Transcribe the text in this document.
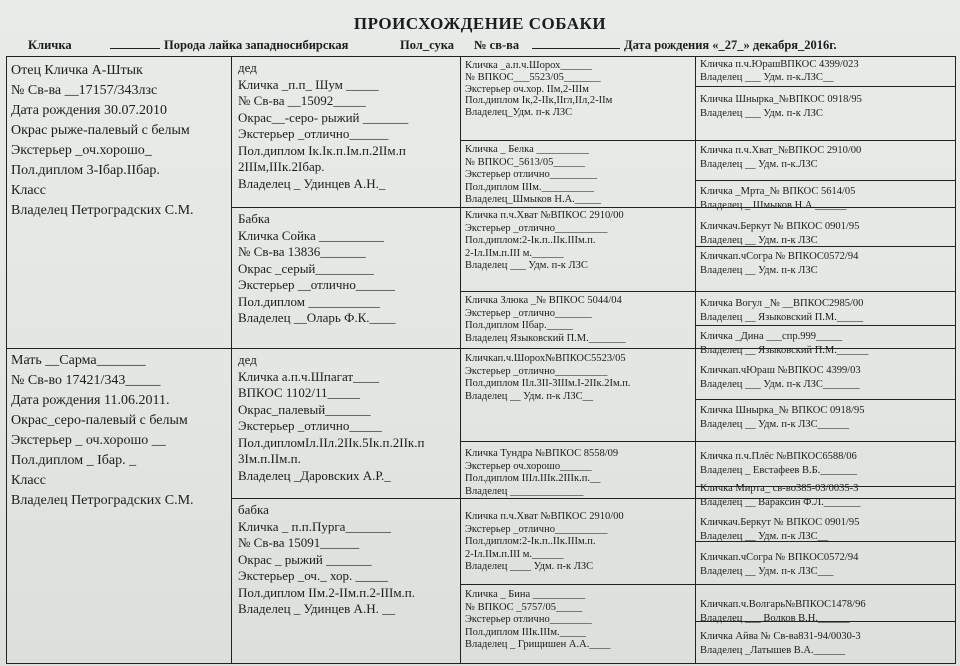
ПРОИСХОЖДЕНИЕ СОБАКИ
Кличка	Порода лайка западносибирская	Пол_сука № св-ва	Дата рождения «_27_» декабря_2016г.
Отец Кличка А-Штык
№ Св-ва __17157/343лзс
Дата рождения 30.07.2010
Окрас рыже-палевый с белым
Экстерьер _оч.хорошо_
Пол.диплом 3-Iбар.IIбар.
Класс
Владелец Петроградских С.М.
Мать __Сарма_______
№ Св-во 17421/343_____
Дата рождения 11.06.2011.
Окрас_серо-палевый с белым
Экстерьер _ оч.хорошо __
Пол.диплом _ Iбар. _
Класс
Владелец Петроградских С.М.
дед
Кличка _п.п_ Шум _____
№ Св-ва __15092_____
Окрас__-серо- рыжий _______
Экстерьер _отлично______
Пол.диплом Iк.Iк.п.Iм.п.2IIм.п
2IIIм,IIIк.2Iбар.
Владелец _ Удинцев А.Н._
Бабка
Кличка Сойка __________
№ Св-ва 13836_______
Окрас _серый_________
Экстерьер __отлично______
Пол.диплом ___________
Владелец __Оларь Ф.К.____
дед
Кличка а.п.ч.Шпагат____
ВПКОС 1102/11_____
Окрас_палевый_______
Экстерьер _отлично_____
Пол.дипломIл.IIл.2IIк.5Iк.п.2IIк.п
3Iм.п.IIм.п.
Владелец _Даровских А.Р._
бабка
Кличка _ п.п.Пурга_______
№ Св-ва 15091______
Окрас _ рыжий _______
Экстерьер _оч._ хор. _____
Пол.диплом IIм.2-IIм.п.2-IIIм.п.
Владелец _ Удинцев А.Н. __
Кличка _а.п.ч.Шорох______
№ ВПКОС___5523/05_______
Экстерьер оч.хор. IIм,2-IIIм
Пол.диплом Iк,2-IIк,IIгл,IIл,2-IIм
Владелец_Удм. п-к ЛЗС
Кличка _ Белка __________
№ ВПКОС_5613/05______
Экстерьер отлично_________
Пол.диплом IIIм.__________
Владелец_Шмыков Н.А._____
Кличка п.ч.Хват №ВПКОС 2910/00
Экстерьер _отлично__________
Пол.диплом:2-Iк.п..IIк.IIIм.п.
2-Iл.IIм.п.III м.______
Владелец ___ Удм. п-к ЛЗС
Кличка Злюка _№ ВПКОС 5044/04
Экстерьер _отлично_______
Пол.диплом IIбар._____
Владелец Языковский П.М._______
Кличкап.ч.Шорох№ВПКОС5523/05
Экстерьер _отлично__________
Пол.диплом IIл.3II-3IIIм.I-2IIк.2Iм.п.
Владелец __ Удм. п-к ЛЗС__
Кличка Тундра №ВПКОС 8558/09
Экстерьер оч.хорошо______
Пол.диплом IIIл.IIIк.2IIIк.п.__
Владелец ______________
Кличка п.ч.Хват №ВПКОС 2910/00
Экстерьер _отлично__________
Пол.диплом:2-Iк.п..IIк.IIIм.п.
2-Iл.IIм.п.III м.______
Владелец ____ Удм. п-к ЛЗС
Кличка _ Бина __________
№ ВПКОС _5757/05_____
Экстерьер отлично________
Пол.диплом IIIк.IIIм._____
Владелец _ Грищишен А.А.____
Кличка п.ч.ЮрашВПКОС 4399/023
Владелец ___ Удм. п-к.ЛЗС__
Кличка Шнырка_№ВПКОС 0918/95
Владелец ___ Удм. п-к ЛЗС
Кличка п.ч.Хват_№ВПКОС 2910/00
Владелец __ Удм. п-к.ЛЗС
Кличка _Мрта_№ ВПКОС 5614/05
Владелец _ Шмыков Н.А.______
Кличкач.Беркут № ВПКОС 0901/95
Владелец __ Удм. п-к ЛЗС
Кличкап.чСогра № ВПКОС0572/94
Владелец __ Удм. п-к ЛЗС
Кличка Вогул _№ __ВПКОС2985/00
Владелец __ Языковский П.М._____
Кличка _Дина ___спр.999_____
Владелец __ Языковский П.М.______
Кличкап.чЮраш №ВПКОС 4399/03
Владелец ___ Удм. п-к ЛЗС_______
Кличка Шнырка_№ ВПКОС 0918/95
Владелец __ Удм. п-к ЛЗС______
Кличка п.ч.Плёс №ВПКОС6588/06
Владелец _ Евстафеев В.Б._______
Кличка Мирта_ св-во385-03/0035-3
Владелец __ Вараксин Ф.Л._______
Кличкач.Беркут № ВПКОС 0901/95
Владелец __ Удм. п-к ЛЗС__
Кличкап.чСогра № ВПКОС0572/94
Владелец __ Удм. п-к ЛЗС___
Кличкап.ч.Волгарь№ВПКОС1478/96
Владелец ___ Волков В.Н.______
Кличка Айва № Св-ва831-94/0030-3
Владелец _Латышев В.А.______
